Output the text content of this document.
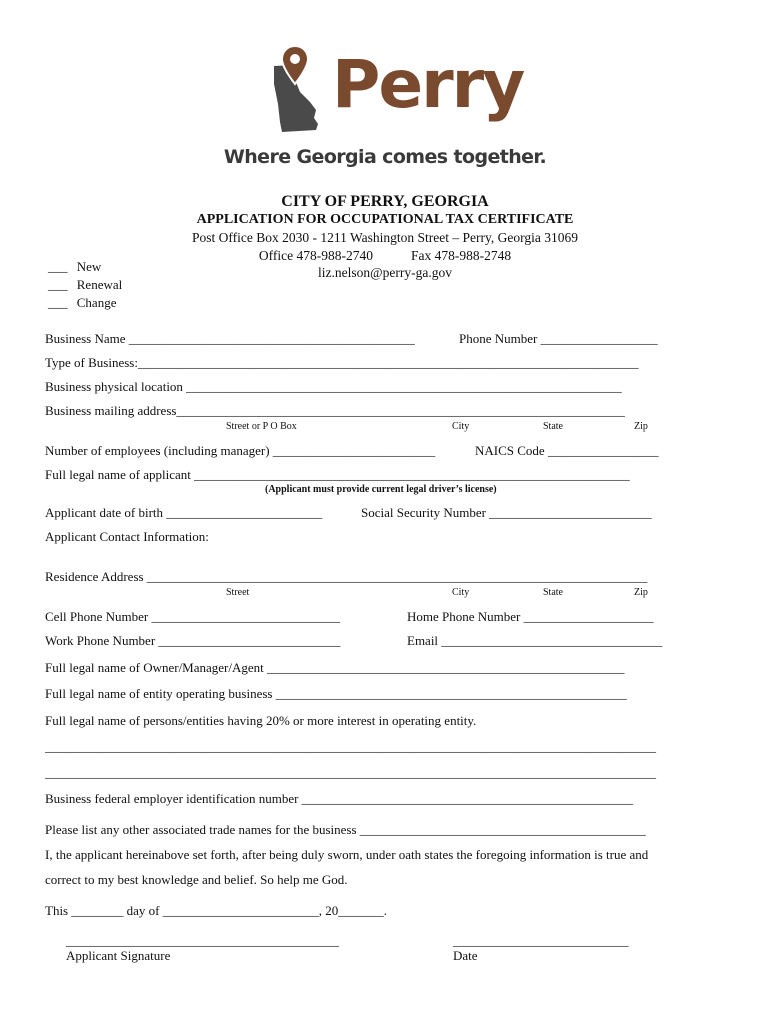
Perry
Where Georgia comes together.
CITY OF PERRY, GEORGIA
APPLICATION FOR OCCUPATIONAL TAX CERTIFICATE
Post Office Box 2030 - 1211 Washington Street – Perry, Georgia 31069
Office 478-988-2740	Fax 478-988-2748
liz.nelson@perry-ga.gov
___ New
___ Renewal
___ Change
Business Name ____________________________________________	Phone Number __________________
Type of Business:_____________________________________________________________________________
Business physical location ___________________________________________________________________
Business mailing address_____________________________________________________________________
Street or P O Box	City	State	Zip
Number of employees (including manager) _________________________	NAICS Code _________________
Full legal name of applicant ___________________________________________________________________
(Applicant must provide current legal driver’s license)
Applicant date of birth ________________________	Social Security Number _________________________
Applicant Contact Information:
Residence Address _____________________________________________________________________________
Street	City	State	Zip
Cell Phone Number _____________________________	Home Phone Number ____________________
Work Phone Number ____________________________	Email __________________________________
Full legal name of Owner/Manager/Agent _______________________________________________________
Full legal name of entity operating business ______________________________________________________
Full legal name of persons/entities having 20% or more interest in operating entity.
______________________________________________________________________________________________
______________________________________________________________________________________________
Business federal employer identification number ___________________________________________________
Please list any other associated trade names for the business ____________________________________________
I, the applicant hereinabove set forth, after being duly sworn, under oath states the foregoing information is true and
correct to my best knowledge and belief. So help me God.
This ________ day of ________________________, 20_______.
__________________________________________
Applicant Signature
___________________________
Date
